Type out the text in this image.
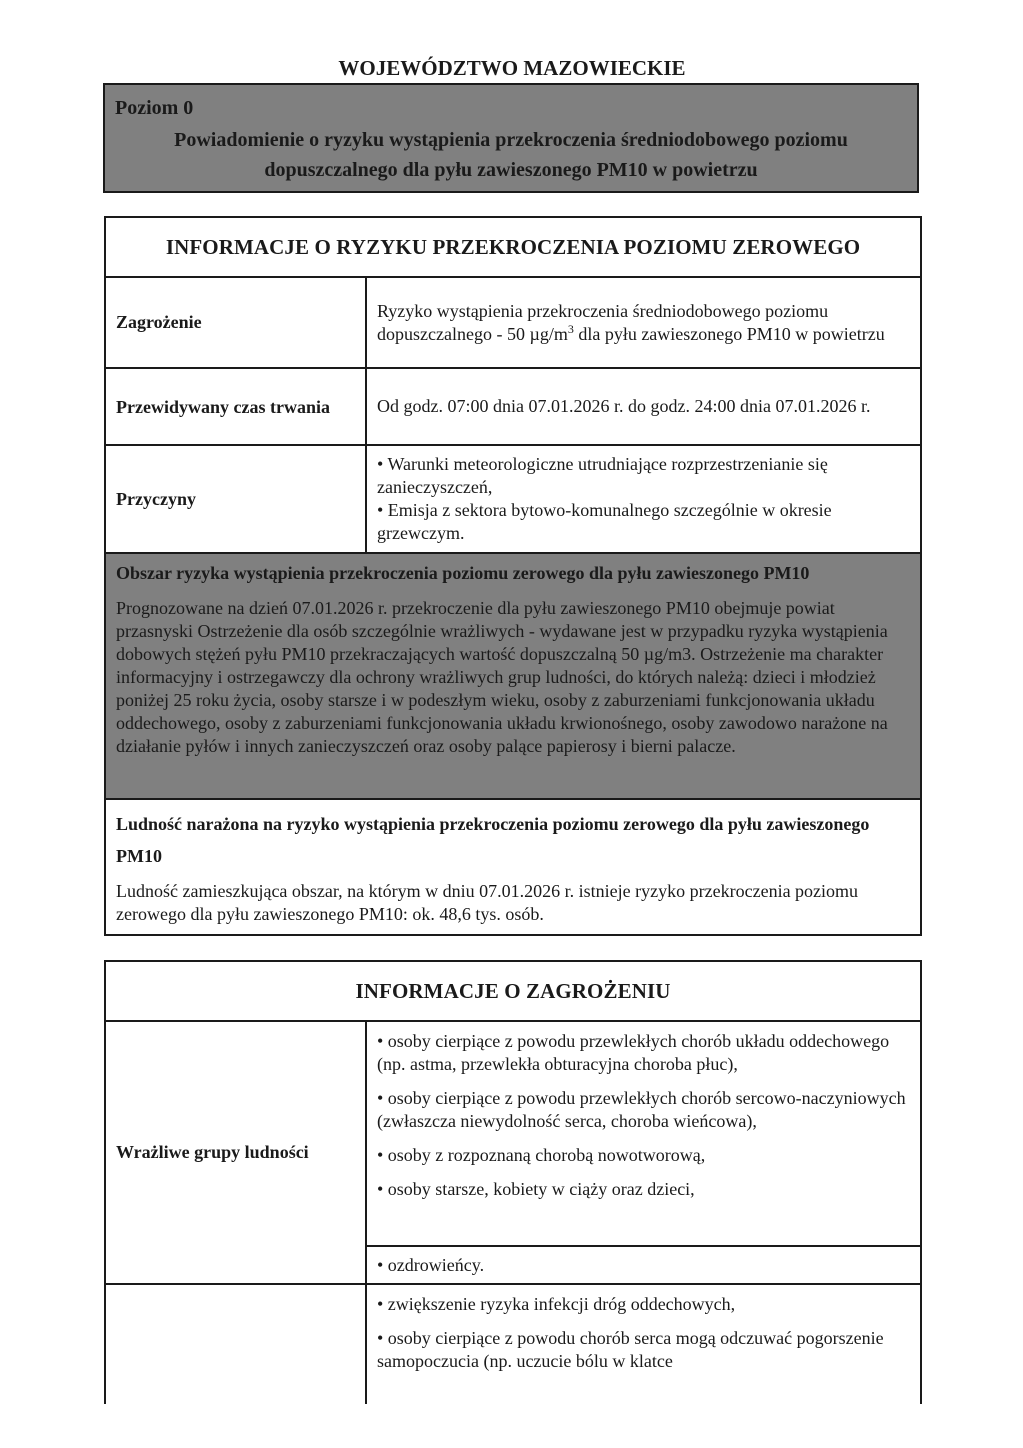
WOJEWÓDZTWO MAZOWIECKIE
Poziom 0
Powiadomienie o ryzyku wystąpienia przekroczenia średniodobowego poziomu dopuszczalnego dla pyłu zawieszonego PM10 w powietrzu
INFORMACJE O RYZYKU PRZEKROCZENIA POZIOMU ZEROWEGO	
Zagrożenie	Ryzyko wystąpienia przekroczenia średniodobowego poziomu dopuszczalnego - 50 $\mu g/m^3$ dla pyłu zawieszonego PM10 w powietrzu
Przewidywany czas trwania	Od godz. 07:00 dnia 07.01.2026 r. do godz. 24:00 dnia 07.01.2026 r.
Przyczyny	• Warunki meteorologiczne utrudniające rozprzestrzenianie się zanieczyszczeń,
• Emisja z sektora bytowo-komunalnego szczególnie w okresie grzewczym.

Obszar ryzyka wystąpienia przekroczenia poziomu zerowego dla pyłu zawieszonego PM10
Prognozowane na dzień 07.01.2026 r. przekroczenie dla pyłu zawieszonego PM10 obejmuje powiat przasnyski Ostrzeżenie dla osób szczególnie wrażliwych - wydawane jest w przypadku ryzyka wystąpienia dobowych stężeń pyłu PM10 przekraczających wartość dopuszczalną 50 µg/m3. Ostrzeżenie ma charakter informacyjny i ostrzegawczy dla ochrony wrażliwych grup ludności, do których należą: dzieci i młodzież poniżej 25 roku życia, osoby starsze i w podeszłym wieku, osoby z zaburzeniami funkcjonowania układu oddechowego, osoby z zaburzeniami funkcjonowania układu krwionośnego, osoby zawodowo narażone na działanie pyłów i innych zanieczyszczeń oraz osoby palące papierosy i bierni palacze.	

Ludność narażona na ryzyko wystąpienia przekroczenia poziomu zerowego dla pyłu zawieszonego PM10
Ludność zamieszkująca obszar, na którym w dniu 07.01.2026 r. istnieje ryzyko przekroczenia poziomu zerowego dla pyłu zawieszonego PM10: ok. 48,6 tys. osób.	
INFORMACJE O ZAGROŻENIU	
Wrażliwe grupy ludności	• osoby cierpiące z powodu przewlekłych chorób układu oddechowego (np. astma, przewlekła obturacyjna choroba płuc),
• osoby cierpiące z powodu przewlekłych chorób sercowo-naczyniowych (zwłaszcza niewydolność serca, choroba wieńcowa),
• osoby z rozpoznaną chorobą nowotworową,
• osoby starsze, kobiety w ciąży oraz dzieci,

	• ozdrowieńcy.

	• zwiększenie ryzyka infekcji dróg oddechowych,
• osoby cierpiące z powodu chorób serca mogą odczuwać pogorszenie samopoczucia (np. uczucie bólu w klatce
